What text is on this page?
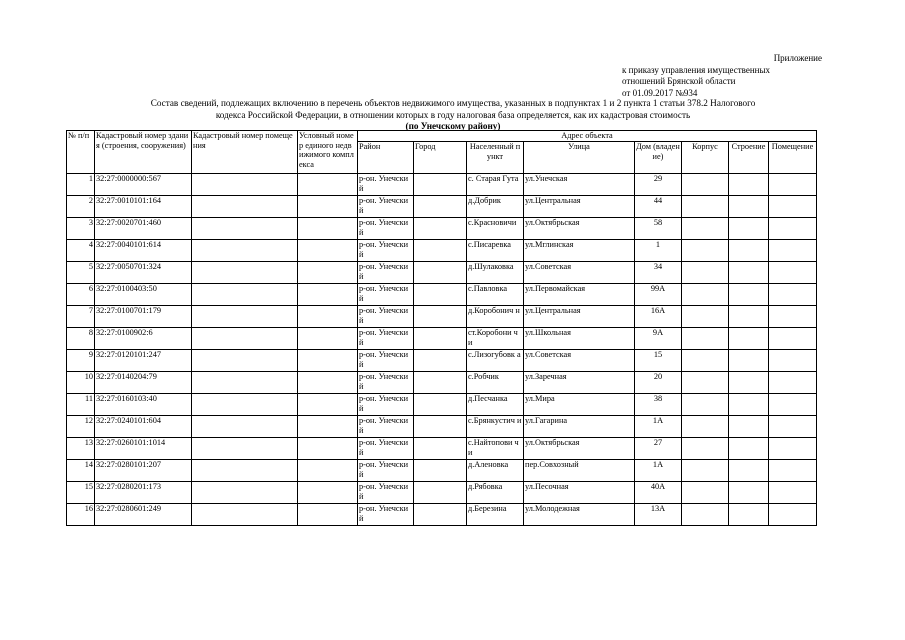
Приложение
к приказу управления имущественных
отношений Брянской области
от 01.09.2017 №934
Состав сведений, подлежащих включению в перечень объектов недвижимого имущества, указанных в подпунктах 1 и 2 пункта 1 статьи 378.2 Налогового
кодекса Российской Федерации, в отношении которых в году налоговая база определяется, как их кадастровая стоимость
(по Унечскому району)
№ п/п	Кадастровый номер здания (строения, сооружения)	Кадастровый номер помещения	Условный номер единого недвижимого комплекса	Адрес объекта							
				Район	Город	Населенный пункт	Улица	Дом (владение)	Корпус	Строение	Помещение
1	32:27:0000000:567			р-он. Унечский		с. Старая Гута	ул.Унечская	29			
2	32:27:0010101:164			р-он. Унечский		д.Добрик	ул.Центральная	44			
3	32:27:0020701:460			р-он. Унечский		с.Красновичи	ул.Октябрьская	58			
4	32:27:0040101:614			р-он. Унечский		с.Писаревка	ул.Мглинская	1			
5	32:27:0050701:324			р-он. Унечский		д.Шулаковка	ул.Советская	34			
6	32:27:0100403:50			р-он. Унечский		с.Павловка	ул.Первомайская	99А			
7	32:27:0100701:179			р-он. Унечский		д.Коробонич н	ул.Центральная	16А			
8	32:27:0100902:6			р-он. Унечский		ст.Коробони чи	ул.Школьная	9А			
9	32:27:0120101:247			р-он. Унечский		с.Лизогубовк а	ул.Советская	15			
10	32:27:0140204:79			р-он. Унечский		с.Робчик	ул.Заречная	20			
11	32:27:0160103:40			р-он. Унечский		д.Песчанка	ул.Мира	38			
12	32:27:0240101:604			р-он. Унечский		с.Брянкустич и	ул.Гагарина	1А			
13	32:27:0260101:1014			р-он. Унечский		с.Найтопови чи	ул.Октябрьская	27			
14	32:27:0280101:207			р-он. Унечский		д.Аленовка	пер.Совхозный	1А			
15	32:27:0280201:173			р-он. Унечский		д.Рябовка	ул.Песочная	40А			
16	32:27:0280601:249			р-он. Унечский		д.Березина	ул.Молодежная	13А			
